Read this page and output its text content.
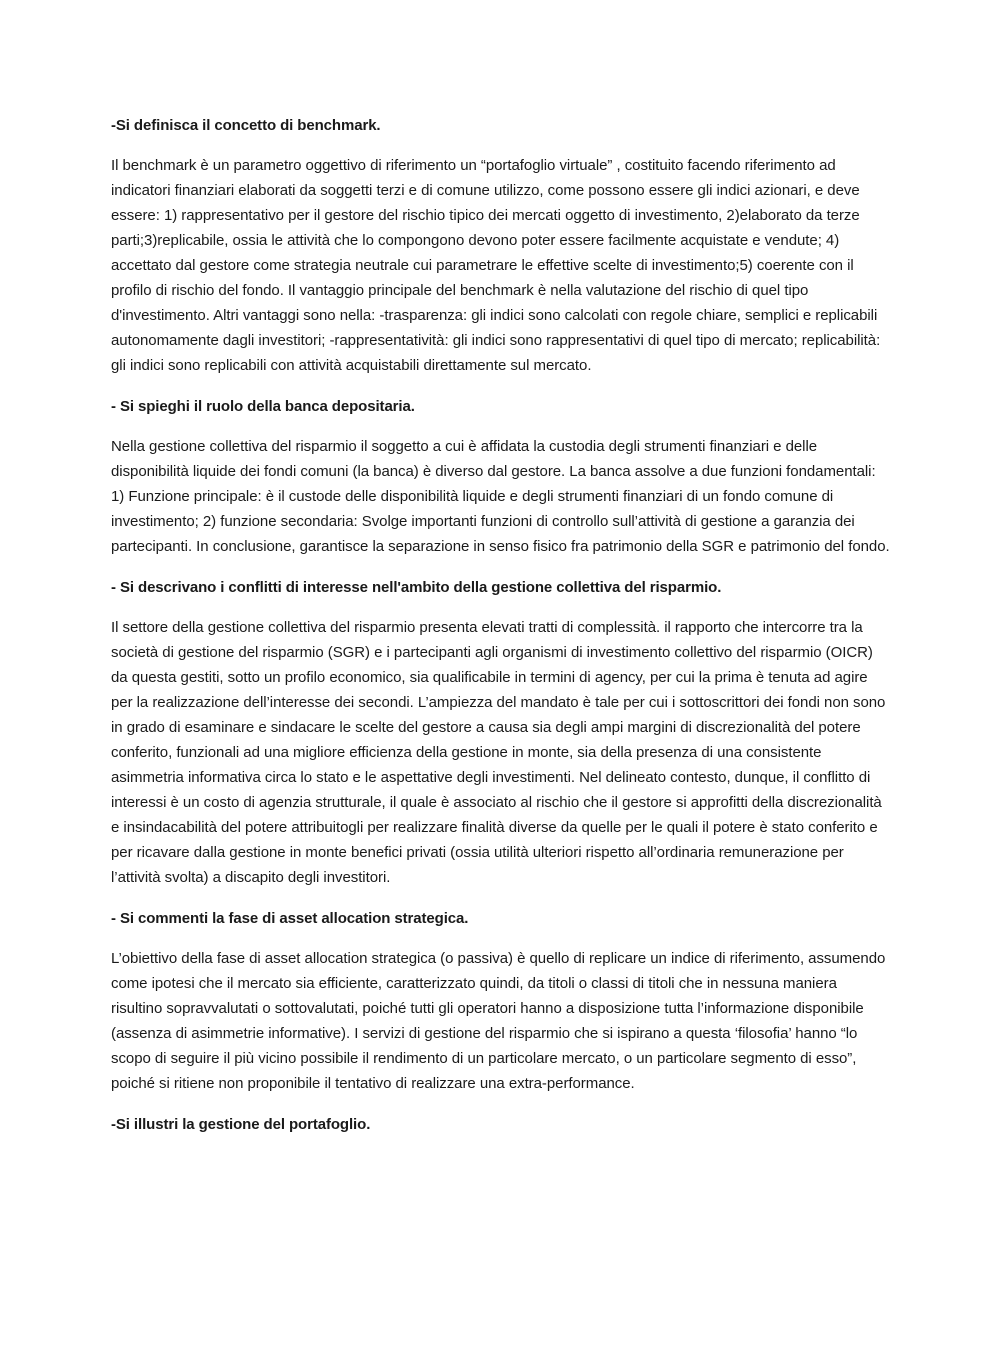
-Si definisca il concetto di benchmark.

Il benchmark è un parametro oggettivo di riferimento un “portafoglio virtuale” , costituito facendo riferimento ad indicatori finanziari elaborati da soggetti terzi e di comune utilizzo, come possono essere gli indici azionari, e deve essere: 1) rappresentativo per il gestore del rischio tipico dei mercati oggetto di investimento, 2)elaborato da terze parti;3)replicabile, ossia le attività che lo compongono devono poter essere facilmente acquistate e vendute; 4) accettato dal gestore come strategia neutrale cui parametrare le effettive scelte di investimento;5) coerente con il profilo di rischio del fondo. Il vantaggio principale del benchmark è nella valutazione del rischio di quel tipo d'investimento. Altri vantaggi sono nella: -trasparenza: gli indici sono calcolati con regole chiare, semplici e replicabili autonomamente dagli investitori; -rappresentatività: gli indici sono rappresentativi di quel tipo di mercato; replicabilità: gli indici sono replicabili con attività acquistabili direttamente sul mercato.

- Si spieghi il ruolo della banca depositaria.

Nella gestione collettiva del risparmio il soggetto a cui è affidata la custodia degli strumenti finanziari e delle disponibilità liquide dei fondi comuni (la banca) è diverso dal gestore. La banca assolve a due funzioni fondamentali: 1) Funzione principale: è il custode delle disponibilità liquide e degli strumenti finanziari di un fondo comune di investimento; 2) funzione secondaria: Svolge importanti funzioni di controllo sull’attività di gestione a garanzia dei partecipanti. In conclusione, garantisce la separazione in senso fisico fra patrimonio della SGR e patrimonio del fondo.

- Si descrivano i conflitti di interesse nell'ambito della gestione collettiva del risparmio.

Il settore della gestione collettiva del risparmio presenta elevati tratti di complessità. il rapporto che intercorre tra la società di gestione del risparmio (SGR) e i partecipanti agli organismi di investimento collettivo del risparmio (OICR) da questa gestiti, sotto un profilo economico, sia qualificabile in termini di agency, per cui la prima è tenuta ad agire per la realizzazione dell’interesse dei secondi. L’ampiezza del mandato è tale per cui i sottoscrittori dei fondi non sono in grado di esaminare e sindacare le scelte del gestore a causa sia degli ampi margini di discrezionalità del potere conferito, funzionali ad una migliore efficienza della gestione in monte, sia della presenza di una consistente asimmetria informativa circa lo stato e le aspettative degli investimenti. Nel delineato contesto, dunque, il conflitto di interessi è un costo di agenzia strutturale, il quale è associato al rischio che il gestore si approfitti della discrezionalità e insindacabilità del potere attribuitogli per realizzare finalità diverse da quelle per le quali il potere è stato conferito e per ricavare dalla gestione in monte benefici privati (ossia utilità ulteriori rispetto all’ordinaria remunerazione per l’attività svolta) a discapito degli investitori.

- Si commenti la fase di asset allocation strategica.

L’obiettivo della fase di asset allocation strategica (o passiva) è quello di replicare un indice di riferimento, assumendo come ipotesi che il mercato sia efficiente, caratterizzato quindi, da titoli o classi di titoli che in nessuna maniera risultino sopravvalutati o sottovalutati, poiché tutti gli operatori hanno a disposizione tutta l’informazione disponibile (assenza di asimmetrie informative). I servizi di gestione del risparmio che si ispirano a questa ‘filosofia’ hanno “lo scopo di seguire il più vicino possibile il rendimento di un particolare mercato, o un particolare segmento di esso”, poiché si ritiene non proponibile il tentativo di realizzare una extra-performance.

-Si illustri la gestione del portafoglio.
